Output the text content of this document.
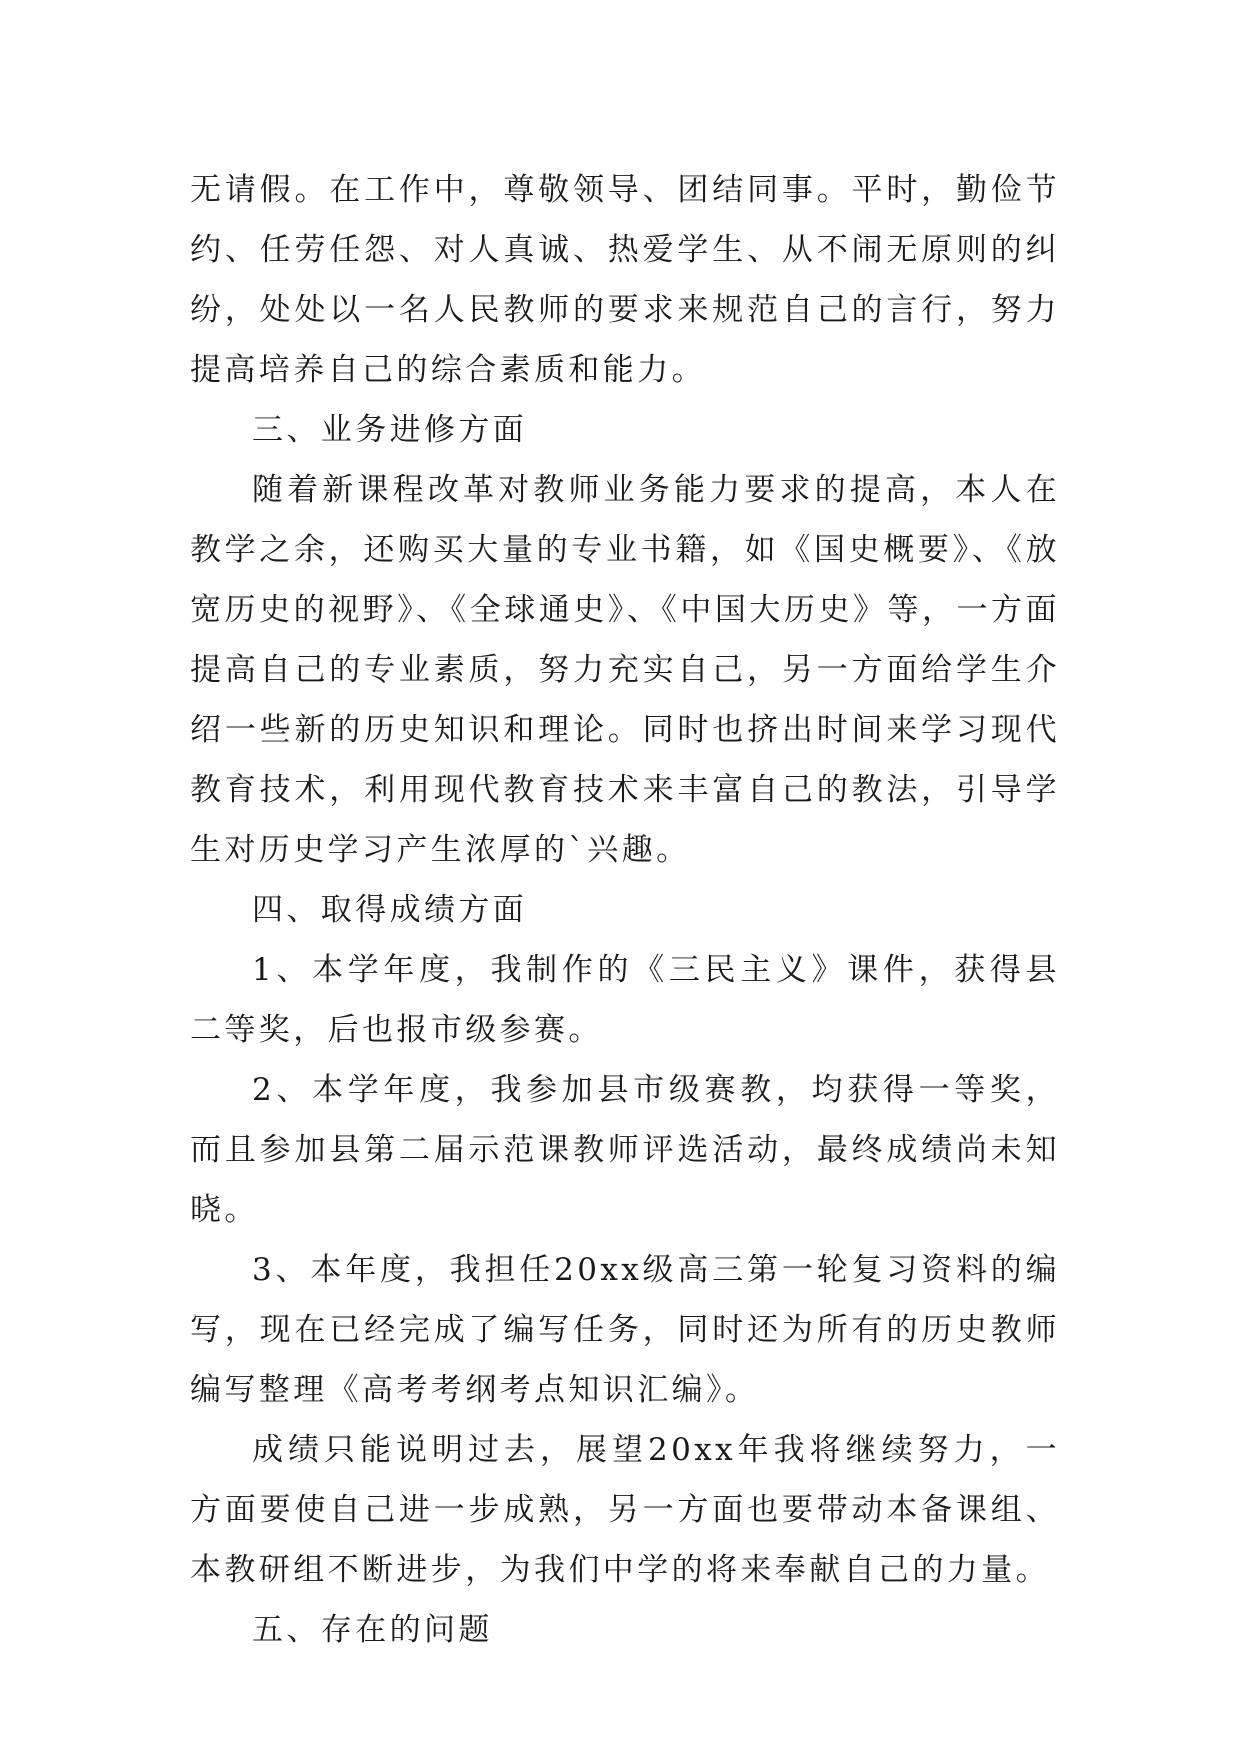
无请假。在工作中，尊敬领导、团结同事。平时，勤俭节约、任劳任怨、对人真诚、热爱学生、从不闹无原则的纠纷，处处以一名人民教师的要求来规范自己的言行，努力提高培养自己的综合素质和能力。

三、业务进修方面

随着新课程改革对教师业务能力要求的提高，本人在教学之余，还购买大量的专业书籍，如《国史概要》、《放宽历史的视野》、《全球通史》、《中国大历史》等，一方面提高自己的专业素质，努力充实自己，另一方面给学生介绍一些新的历史知识和理论。同时也挤出时间来学习现代教育技术，利用现代教育技术来丰富自己的教法，引导学生对历史学习产生浓厚的`兴趣。

四、取得成绩方面

1、本学年度，我制作的《三民主义》课件，获得县二等奖，后也报市级参赛。

2、本学年度，我参加县市级赛教，均获得一等奖，而且参加县第二届示范课教师评选活动，最终成绩尚未知晓。

3、本年度，我担任20xx级高三第一轮复习资料的编写，现在已经完成了编写任务，同时还为所有的历史教师编写整理《高考考纲考点知识汇编》。

成绩只能说明过去，展望20xx年我将继续努力，一方面要使自己进一步成熟，另一方面也要带动本备课组、本教研组不断进步，为我们中学的将来奉献自己的力量。

五、存在的问题
